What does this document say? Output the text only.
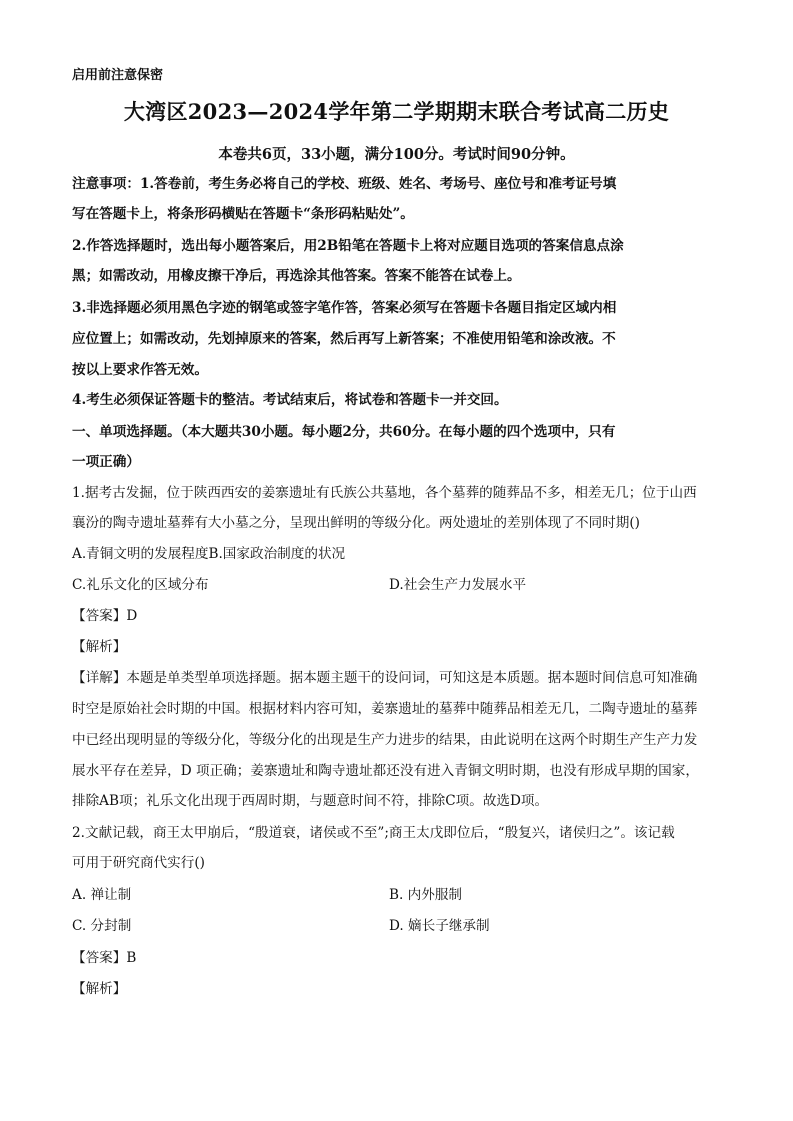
启用前注意保密
大湾区2023—2024学年第二学期期末联合考试高二历史
本卷共6页，33小题，满分100分。考试时间90分钟。
注意事项：1.答卷前，考生务必将自己的学校、班级、姓名、考场号、座位号和准考证号填
写在答题卡上，将条形码横贴在答题卡“条形码粘贴处”。
2.作答选择题时，选出每小题答案后，用2B铅笔在答题卡上将对应题目选项的答案信息点涂
黑；如需改动，用橡皮擦干净后，再选涂其他答案。答案不能答在试卷上。
3.非选择题必须用黑色字迹的钢笔或签字笔作答，答案必须写在答题卡各题目指定区域内相
应位置上；如需改动，先划掉原来的答案，然后再写上新答案；不准使用铅笔和涂改液。不
按以上要求作答无效。
4.考生必须保证答题卡的整洁。考试结束后，将试卷和答题卡一并交回。
一、单项选择题。（本大题共30小题。每小题2分，共60分。在每小题的四个选项中，只有
一项正确）
1.据考古发掘，位于陕西西安的姜寨遗址有氏族公共墓地，各个墓葬的随葬品不多，相差无几；位于山西
襄汾的陶寺遗址墓葬有大小墓之分，呈现出鲜明的等级分化。两处遗址的差别体现了不同时期()
A.青铜文明的发展程度B.国家政治制度的状况
C.礼乐文化的区域分布	D.社会生产力发展水平
【答案】D
【解析】
【详解】本题是单类型单项选择题。据本题主题干的设问词，可知这是本质题。据本题时间信息可知准确
时空是原始社会时期的中国。根据材料内容可知，姜寨遗址的墓葬中随葬品相差无几，二陶寺遗址的墓葬
中已经出现明显的等级分化，等级分化的出现是生产力进步的结果，由此说明在这两个时期生产生产力发
展水平存在差异，D 项正确；姜寨遗址和陶寺遗址都还没有进入青铜文明时期，也没有形成早期的国家，
排除AB项；礼乐文化出现于西周时期，与题意时间不符，排除C项。故选D项。
2.文献记载，商王太甲崩后，“殷道衰，诸侯或不至”;商王太戊即位后，“殷复兴，诸侯归之”。该记载
可用于研究商代实行()
A. 禅让制	B. 内外服制
C. 分封制	D. 嫡长子继承制
【答案】B
【解析】
